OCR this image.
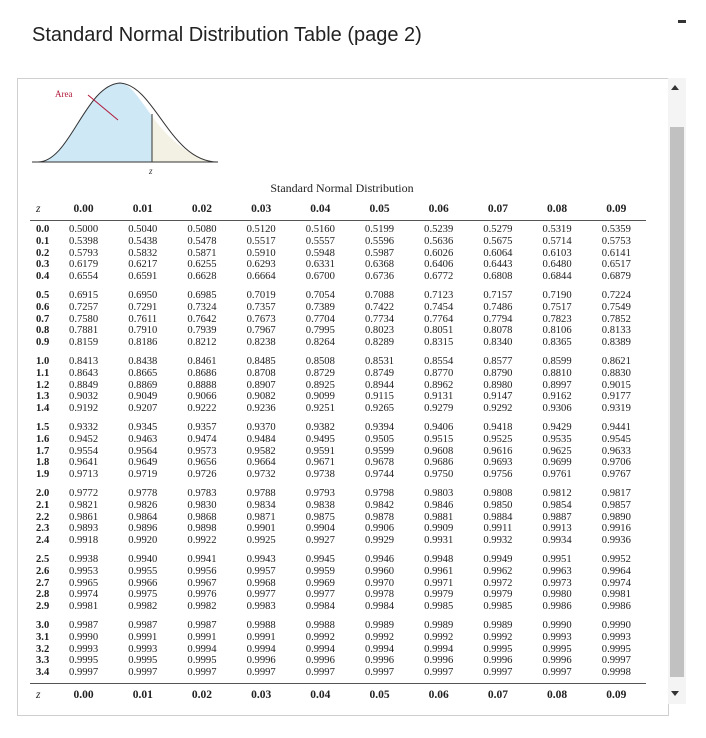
Standard Normal Distribution Table (page 2)
Area
z
Standard Normal Distribution
z	0.00	0.01	0.02	0.03	0.04	0.05	0.06	0.07	0.08	0.09
0.0	0.5000	0.5040	0.5080	0.5120	0.5160	0.5199	0.5239	0.5279	0.5319	0.5359
0.1	0.5398	0.5438	0.5478	0.5517	0.5557	0.5596	0.5636	0.5675	0.5714	0.5753
0.2	0.5793	0.5832	0.5871	0.5910	0.5948	0.5987	0.6026	0.6064	0.6103	0.6141
0.3	0.6179	0.6217	0.6255	0.6293	0.6331	0.6368	0.6406	0.6443	0.6480	0.6517
0.4	0.6554	0.6591	0.6628	0.6664	0.6700	0.6736	0.6772	0.6808	0.6844	0.6879
0.5	0.6915	0.6950	0.6985	0.7019	0.7054	0.7088	0.7123	0.7157	0.7190	0.7224
0.6	0.7257	0.7291	0.7324	0.7357	0.7389	0.7422	0.7454	0.7486	0.7517	0.7549
0.7	0.7580	0.7611	0.7642	0.7673	0.7704	0.7734	0.7764	0.7794	0.7823	0.7852
0.8	0.7881	0.7910	0.7939	0.7967	0.7995	0.8023	0.8051	0.8078	0.8106	0.8133
0.9	0.8159	0.8186	0.8212	0.8238	0.8264	0.8289	0.8315	0.8340	0.8365	0.8389
1.0	0.8413	0.8438	0.8461	0.8485	0.8508	0.8531	0.8554	0.8577	0.8599	0.8621
1.1	0.8643	0.8665	0.8686	0.8708	0.8729	0.8749	0.8770	0.8790	0.8810	0.8830
1.2	0.8849	0.8869	0.8888	0.8907	0.8925	0.8944	0.8962	0.8980	0.8997	0.9015
1.3	0.9032	0.9049	0.9066	0.9082	0.9099	0.9115	0.9131	0.9147	0.9162	0.9177
1.4	0.9192	0.9207	0.9222	0.9236	0.9251	0.9265	0.9279	0.9292	0.9306	0.9319
1.5	0.9332	0.9345	0.9357	0.9370	0.9382	0.9394	0.9406	0.9418	0.9429	0.9441
1.6	0.9452	0.9463	0.9474	0.9484	0.9495	0.9505	0.9515	0.9525	0.9535	0.9545
1.7	0.9554	0.9564	0.9573	0.9582	0.9591	0.9599	0.9608	0.9616	0.9625	0.9633
1.8	0.9641	0.9649	0.9656	0.9664	0.9671	0.9678	0.9686	0.9693	0.9699	0.9706
1.9	0.9713	0.9719	0.9726	0.9732	0.9738	0.9744	0.9750	0.9756	0.9761	0.9767
2.0	0.9772	0.9778	0.9783	0.9788	0.9793	0.9798	0.9803	0.9808	0.9812	0.9817
2.1	0.9821	0.9826	0.9830	0.9834	0.9838	0.9842	0.9846	0.9850	0.9854	0.9857
2.2	0.9861	0.9864	0.9868	0.9871	0.9875	0.9878	0.9881	0.9884	0.9887	0.9890
2.3	0.9893	0.9896	0.9898	0.9901	0.9904	0.9906	0.9909	0.9911	0.9913	0.9916
2.4	0.9918	0.9920	0.9922	0.9925	0.9927	0.9929	0.9931	0.9932	0.9934	0.9936
2.5	0.9938	0.9940	0.9941	0.9943	0.9945	0.9946	0.9948	0.9949	0.9951	0.9952
2.6	0.9953	0.9955	0.9956	0.9957	0.9959	0.9960	0.9961	0.9962	0.9963	0.9964
2.7	0.9965	0.9966	0.9967	0.9968	0.9969	0.9970	0.9971	0.9972	0.9973	0.9974
2.8	0.9974	0.9975	0.9976	0.9977	0.9977	0.9978	0.9979	0.9979	0.9980	0.9981
2.9	0.9981	0.9982	0.9982	0.9983	0.9984	0.9984	0.9985	0.9985	0.9986	0.9986
3.0	0.9987	0.9987	0.9987	0.9988	0.9988	0.9989	0.9989	0.9989	0.9990	0.9990
3.1	0.9990	0.9991	0.9991	0.9991	0.9992	0.9992	0.9992	0.9992	0.9993	0.9993
3.2	0.9993	0.9993	0.9994	0.9994	0.9994	0.9994	0.9994	0.9995	0.9995	0.9995
3.3	0.9995	0.9995	0.9995	0.9996	0.9996	0.9996	0.9996	0.9996	0.9996	0.9997
3.4	0.9997	0.9997	0.9997	0.9997	0.9997	0.9997	0.9997	0.9997	0.9997	0.9998
z	0.00	0.01	0.02	0.03	0.04	0.05	0.06	0.07	0.08	0.09
